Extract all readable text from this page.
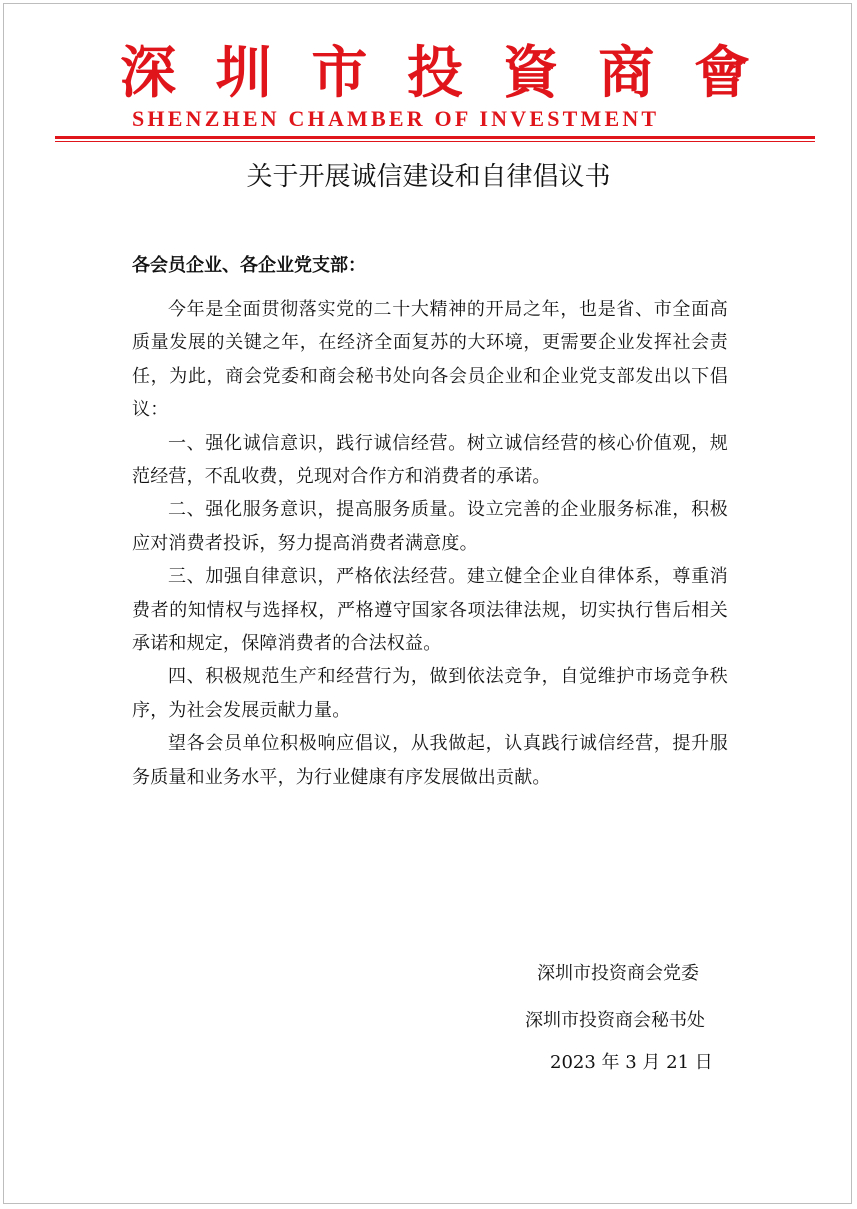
深 圳 市 投 資 商 會
SHENZHEN CHAMBER OF INVESTMENT
关于开展诚信建设和自律倡议书
各会员企业、各企业党支部：

今年是全面贯彻落实党的二十大精神的开局之年，也是省、市全面高质量发展的关键之年，在经济全面复苏的大环境，更需要企业发挥社会责任，为此，商会党委和商会秘书处向各会员企业和企业党支部发出以下倡议：

一、强化诚信意识，践行诚信经营。树立诚信经营的核心价值观，规范经营，不乱收费，兑现对合作方和消费者的承诺。

二、强化服务意识，提高服务质量。设立完善的企业服务标准，积极应对消费者投诉，努力提高消费者满意度。

三、加强自律意识，严格依法经营。建立健全企业自律体系，尊重消费者的知情权与选择权，严格遵守国家各项法律法规，切实执行售后相关承诺和规定，保障消费者的合法权益。

四、积极规范生产和经营行为，做到依法竞争，自觉维护市场竞争秩序，为社会发展贡献力量。

望各会员单位积极响应倡议，从我做起，认真践行诚信经营，提升服务质量和业务水平，为行业健康有序发展做出贡献。

深圳市投资商会党委
深圳市投资商会秘书处
2023 年 3 月 21 日
